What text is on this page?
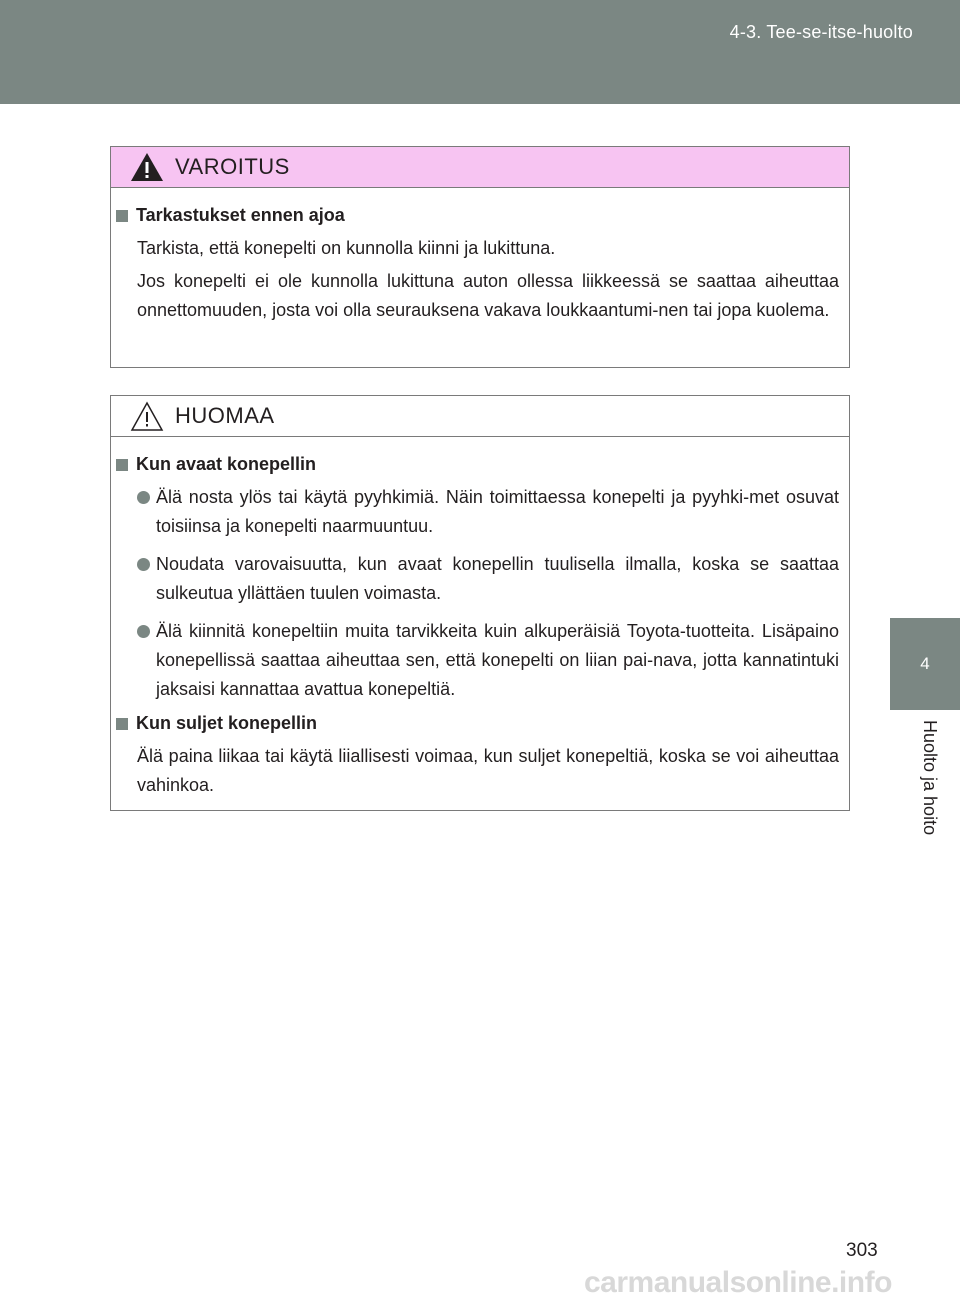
4-3. Tee-se-itse-huolto
4
Huolto ja hoito
VAROITUS
Tarkastukset ennen ajoa

Tarkista, että konepelti on kunnolla kiinni ja lukittuna.

Jos konepelti ei ole kunnolla lukittuna auton ollessa liikkeessä se saattaa aiheuttaa onnettomuuden, josta voi olla seurauksena vakava loukkaantumi-nen tai jopa kuolema.

HUOMAA
Kun avaat konepellin
Älä nosta ylös tai käytä pyyhkimiä. Näin toimittaessa konepelti ja pyyhki-met osuvat toisiinsa ja konepelti naarmuuntuu.
Noudata varovaisuutta, kun avaat konepellin tuulisella ilmalla, koska se saattaa sulkeutua yllättäen tuulen voimasta.
Älä kiinnitä konepeltiin muita tarvikkeita kuin alkuperäisiä Toyota-tuotteita. Lisäpaino konepellissä saattaa aiheuttaa sen, että konepelti on liian pai-nava, jotta kannatintuki jaksaisi kannattaa avattua konepeltiä.
Kun suljet konepellin

Älä paina liikaa tai käytä liiallisesti voimaa, kun suljet konepeltiä, koska se voi aiheuttaa vahinkoa.

303
carmanualsonline.info
